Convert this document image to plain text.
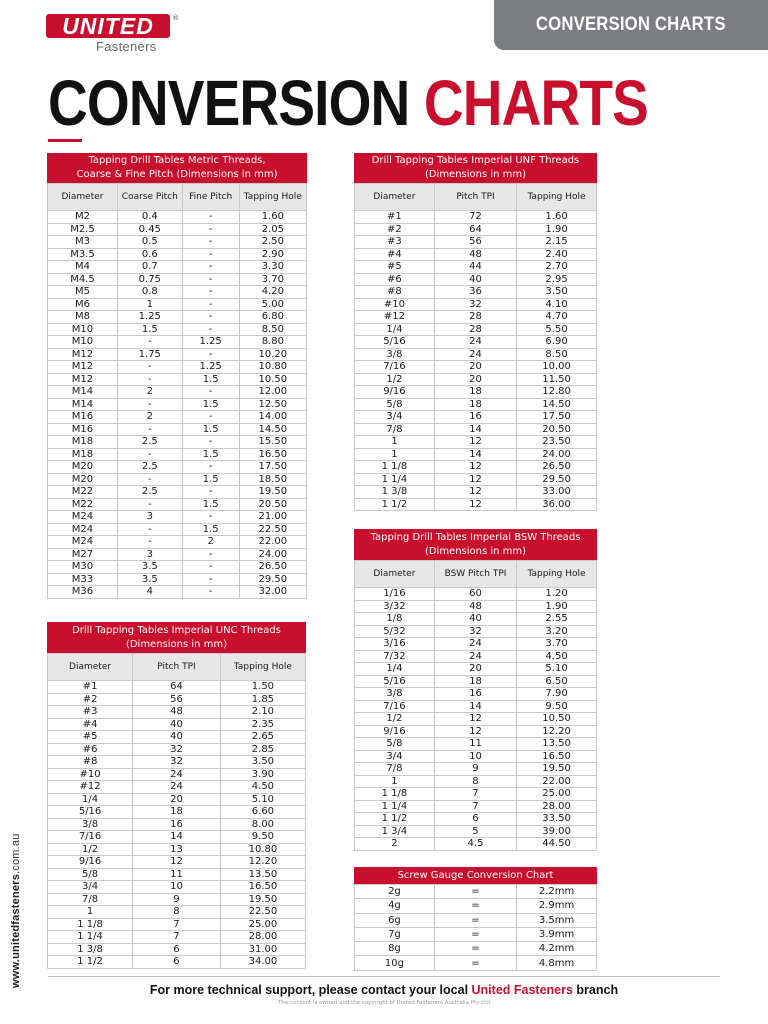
UNITED	®
Fasteners
CONVERSION CHARTS
CONVERSION CHARTS
Tapping Drill Tables Metric Threads,
Coarse & Fine Pitch (Dimensions in mm)
Diameter	Coarse Pitch	Fine Pitch	Tapping Hole
M2	0.4	-	1.60
M2.5	0.45	-	2.05
M3	0.5	-	2.50
M3.5	0.6	-	2.90
M4	0.7	-	3.30
M4.5	0.75	-	3.70
M5	0.8	-	4.20
M6	1	-	5.00
M8	1.25	-	6.80
M10	1.5	-	8.50
M10	-	1.25	8.80
M12	1.75	-	10.20
M12	-	1.25	10.80
M12	-	1.5	10.50
M14	2	-	12.00
M14	-	1.5	12.50
M16	2	-	14.00
M16	-	1.5	14.50
M18	2.5	-	15.50
M18	-	1.5	16.50
M20	2.5	-	17.50
M20	-	1.5	18.50
M22	2.5	-	19.50
M22	-	1.5	20.50
M24	3	-	21.00
M24	-	1.5	22.50
M24	-	2	22.00
M27	3	-	24.00
M30	3.5	-	26.50
M33	3.5	-	29.50
M36	4	-	32.00
Drill Tapping Tables Imperial UNC Threads
(Dimensions in mm)
Diameter	Pitch TPI	Tapping Hole
#1	64	1.50
#2	56	1.85
#3	48	2.10
#4	40	2.35
#5	40	2.65
#6	32	2.85
#8	32	3.50
#10	24	3.90
#12	24	4.50
1/4	20	5.10
5/16	18	6.60
3/8	16	8.00
7/16	14	9.50
1/2	13	10.80
9/16	12	12.20
5/8	11	13.50
3/4	10	16.50
7/8	9	19.50
1	8	22.50
1 1/8	7	25.00
1 1/4	7	28.00
1 3/8	6	31.00
1 1/2	6	34.00
Drill Tapping Tables Imperial UNF Threads
(Dimensions in mm)
Diameter	Pitch TPI	Tapping Hole
#1	72	1.60
#2	64	1.90
#3	56	2.15
#4	48	2.40
#5	44	2.70
#6	40	2.95
#8	36	3.50
#10	32	4.10
#12	28	4.70
1/4	28	5.50
5/16	24	6.90
3/8	24	8.50
7/16	20	10.00
1/2	20	11.50
9/16	18	12.80
5/8	18	14.50
3/4	16	17.50
7/8	14	20.50
1	12	23.50
1	14	24.00
1 1/8	12	26.50
1 1/4	12	29.50
1 3/8	12	33.00
1 1/2	12	36.00
Tapping Drill Tables Imperial BSW Threads
(Dimensions in mm)
Diameter	BSW Pitch TPI	Tapping Hole
1/16	60	1.20
3/32	48	1.90
1/8	40	2.55
5/32	32	3.20
3/16	24	3.70
7/32	24	4.50
1/4	20	5.10
5/16	18	6.50
3/8	16	7.90
7/16	14	9.50
1/2	12	10.50
9/16	12	12.20
5/8	11	13.50
3/4	10	16.50
7/8	9	19.50
1	8	22.00
1 1/8	7	25.00
1 1/4	7	28.00
1 1/2	6	33.50
1 3/4	5	39.00
2	4.5	44.50
Screw Gauge Conversion Chart
2g	=	2.2mm
4g	=	2.9mm
6g	=	3.5mm
7g	=	3.9mm
8g	=	4.2mm
10g	=	4.8mm
www.unitedfasteners.com.au
For more technical support, please contact your local United Fasteners branch
The content is owned and the copyright of United Fasteners Australia Pty Ltd
